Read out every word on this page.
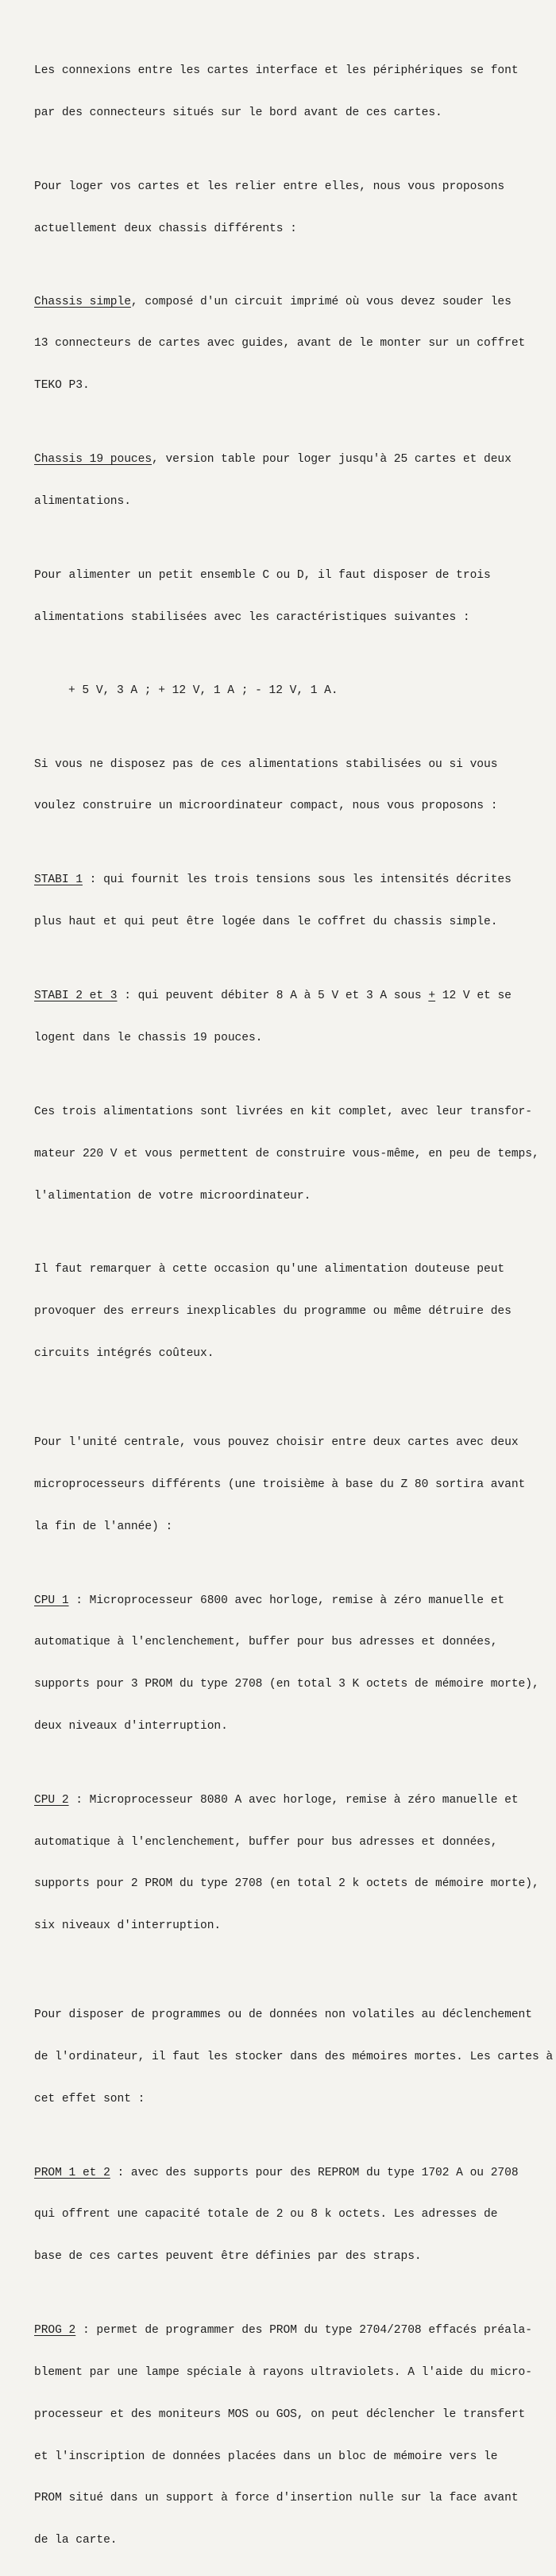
Les connexions entre les cartes interface et les périphériques se font

par des connecteurs situés sur le bord avant de ces cartes.

Pour loger vos cartes et les relier entre elles, nous vous proposons

actuellement deux chassis différents :

Chassis simple, composé d'un circuit imprimé où vous devez souder les

13 connecteurs de cartes avec guides, avant de le monter sur un coffret

TEKO P3.

Chassis 19 pouces, version table pour loger jusqu'à 25 cartes et deux

alimentations.

Pour alimenter un petit ensemble C ou D, il faut disposer de trois

alimentations stabilisées avec les caractéristiques suivantes :

+ 5 V, 3 A ; + 12 V, 1 A ; - 12 V, 1 A.

Si vous ne disposez pas de ces alimentations stabilisées ou si vous

voulez construire un microordinateur compact, nous vous proposons :

STABI 1 : qui fournit les trois tensions sous les intensités décrites

plus haut et qui peut être logée dans le coffret du chassis simple.

STABI 2 et 3 : qui peuvent débiter 8 A à 5 V et 3 A sous + 12 V et se

logent dans le chassis 19 pouces.

Ces trois alimentations sont livrées en kit complet, avec leur transfor-

mateur 220 V et vous permettent de construire vous-même, en peu de temps,

l'alimentation de votre microordinateur.

Il faut remarquer à cette occasion qu'une alimentation douteuse peut

provoquer des erreurs inexplicables du programme ou même détruire des

circuits intégrés coûteux.

Pour l'unité centrale, vous pouvez choisir entre deux cartes avec deux

microprocesseurs différents (une troisième à base du Z 80 sortira avant

la fin de l'année) :

CPU 1 : Microprocesseur 6800 avec horloge, remise à zéro manuelle et

automatique à l'enclenchement, buffer pour bus adresses et données,

supports pour 3 PROM du type 2708 (en total 3 K octets de mémoire morte),

deux niveaux d'interruption.

CPU 2 : Microprocesseur 8080 A avec horloge, remise à zéro manuelle et

automatique à l'enclenchement, buffer pour bus adresses et données,

supports pour 2 PROM du type 2708 (en total 2 k octets de mémoire morte),

six niveaux d'interruption.

Pour disposer de programmes ou de données non volatiles au déclenchement

de l'ordinateur, il faut les stocker dans des mémoires mortes. Les cartes à

cet effet sont :

PROM 1 et 2 : avec des supports pour des REPROM du type 1702 A ou 2708

qui offrent une capacité totale de 2 ou 8 k octets. Les adresses de

base de ces cartes peuvent être définies par des straps.

PROG 2 : permet de programmer des PROM du type 2704/2708 effacés préala-

blement par une lampe spéciale à rayons ultraviolets. A l'aide du micro-

processeur et des moniteurs MOS ou GOS, on peut déclencher le transfert

et l'inscription de données placées dans un bloc de mémoire vers le

PROM situé dans un support à force d'insertion nulle sur la face avant

de la carte.
